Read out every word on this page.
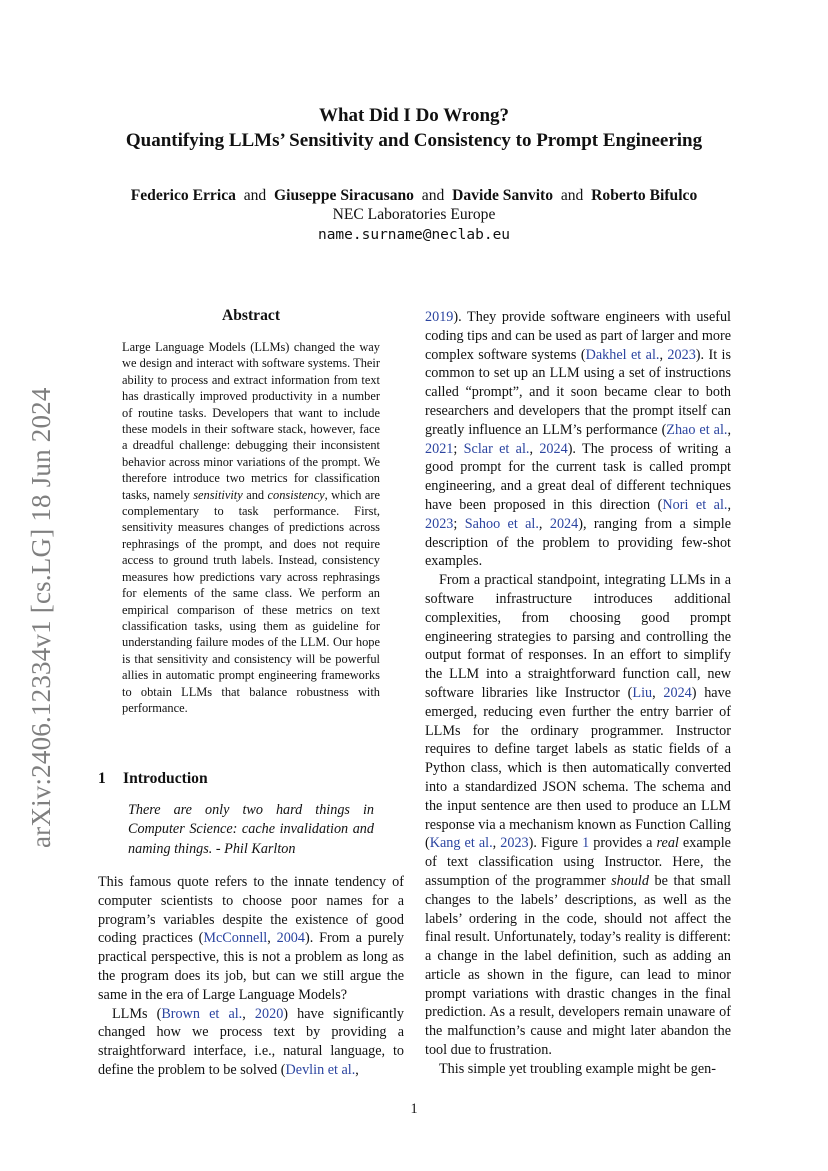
arXiv:2406.12334v1 [cs.LG] 18 Jun 2024
What Did I Do Wrong?
Quantifying LLMs’ Sensitivity and Consistency to Prompt Engineering
Federico Errica and Giuseppe Siracusano and Davide Sanvito and Roberto Bifulco
NEC Laboratories Europe
name.surname@neclab.eu
Abstract
Large Language Models (LLMs) changed the way we design and interact with software systems. Their ability to process and extract information from text has drastically improved productivity in a number of routine tasks. Developers that want to include these models in their software stack, however, face a dreadful challenge: debugging their inconsistent behavior across minor variations of the prompt. We therefore introduce two metrics for classification tasks, namely sensitivity and consistency, which are complementary to task performance. First, sensitivity measures changes of predictions across rephrasings of the prompt, and does not require access to ground truth labels. Instead, consistency measures how predictions vary across rephrasings for elements of the same class. We perform an empirical comparison of these metrics on text classification tasks, using them as guideline for understanding failure modes of the LLM. Our hope is that sensitivity and consistency will be powerful allies in automatic prompt engineering frameworks to obtain LLMs that balance robustness with performance.
1 Introduction
There are only two hard things in Computer Science: cache invalidation and naming things. - Phil Karlton

This famous quote refers to the innate tendency of computer scientists to choose poor names for a program’s variables despite the existence of good coding practices (McConnell, 2004). From a purely practical perspective, this is not a problem as long as the program does its job, but can we still argue the same in the era of Large Language Models?

LLMs (Brown et al., 2020) have significantly changed how we process text by providing a straightforward interface, i.e., natural language, to define the problem to be solved (Devlin et al.,

2019). They provide software engineers with useful coding tips and can be used as part of larger and more complex software systems (Dakhel et al., 2023). It is common to set up an LLM using a set of instructions called “prompt”, and it soon became clear to both researchers and developers that the prompt itself can greatly influence an LLM’s performance (Zhao et al., 2021; Sclar et al., 2024). The process of writing a good prompt for the current task is called prompt engineering, and a great deal of different techniques have been proposed in this direction (Nori et al., 2023; Sahoo et al., 2024), ranging from a simple description of the problem to providing few-shot examples.

From a practical standpoint, integrating LLMs in a software infrastructure introduces additional complexities, from choosing good prompt engineering strategies to parsing and controlling the output format of responses. In an effort to simplify the LLM into a straightforward function call, new software libraries like Instructor (Liu, 2024) have emerged, reducing even further the entry barrier of LLMs for the ordinary programmer. Instructor requires to define target labels as static fields of a Python class, which is then automatically converted into a standardized JSON schema. The schema and the input sentence are then used to produce an LLM response via a mechanism known as Function Calling (Kang et al., 2023). Figure 1 provides a real example of text classification using Instructor. Here, the assumption of the programmer should be that small changes to the labels’ descriptions, as well as the labels’ ordering in the code, should not affect the final result. Unfortunately, today’s reality is different: a change in the label definition, such as adding an article as shown in the figure, can lead to minor prompt variations with drastic changes in the final prediction. As a result, developers remain unaware of the malfunction’s cause and might later abandon the tool due to frustration.

This simple yet troubling example might be gen-

1
